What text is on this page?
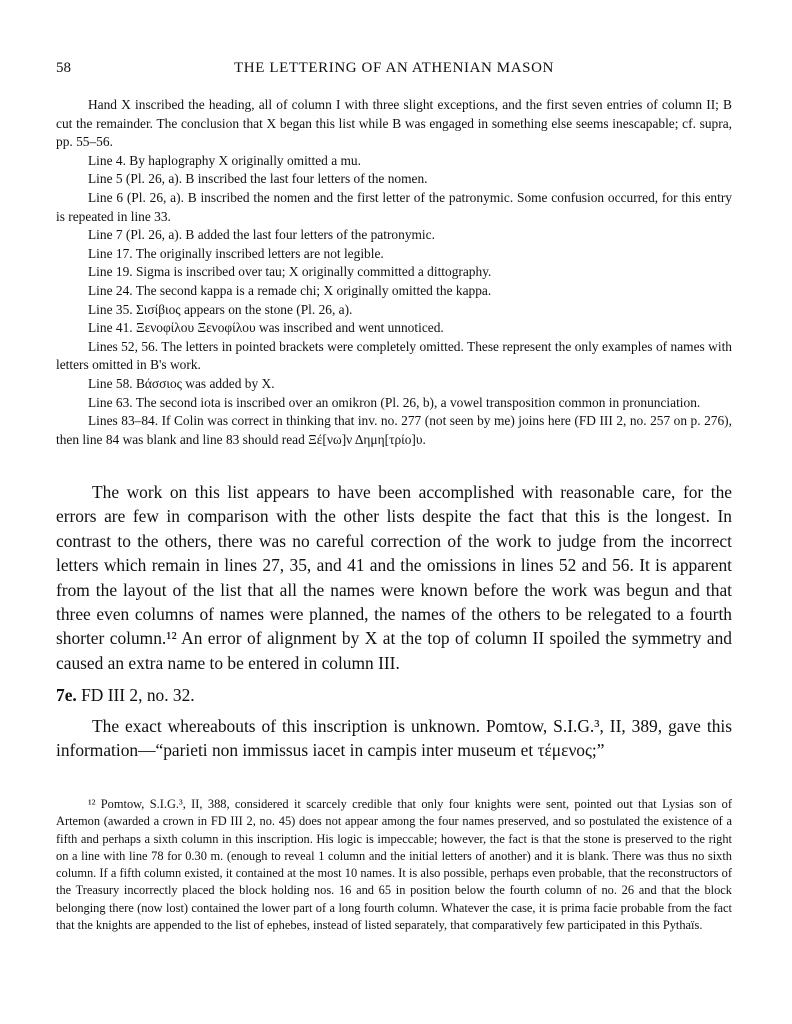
58	THE LETTERING OF AN ATHENIAN MASON

Hand X inscribed the heading, all of column I with three slight exceptions, and the first seven entries of column II; B cut the remainder. The conclusion that X began this list while B was engaged in something else seems inescapable; cf. supra, pp. 55–56.

Line 4. By haplography X originally omitted a mu.

Line 5 (Pl. 26, a). B inscribed the last four letters of the nomen.

Line 6 (Pl. 26, a). B inscribed the nomen and the first letter of the patronymic. Some confusion occurred, for this entry is repeated in line 33.

Line 7 (Pl. 26, a). B added the last four letters of the patronymic.

Line 17. The originally inscribed letters are not legible.

Line 19. Sigma is inscribed over tau; X originally committed a dittography.

Line 24. The second kappa is a remade chi; X originally omitted the kappa.

Line 35. Σισίβιος appears on the stone (Pl. 26, a).

Line 41. Ξενοφίλου Ξενοφίλου was inscribed and went unnoticed.

Lines 52, 56. The letters in pointed brackets were completely omitted. These represent the only examples of names with letters omitted in B's work.

Line 58. Βάσσιος was added by X.

Line 63. The second iota is inscribed over an omikron (Pl. 26, b), a vowel transposition common in pronunciation.

Lines 83–84. If Colin was correct in thinking that inv. no. 277 (not seen by me) joins here (FD III 2, no. 257 on p. 276), then line 84 was blank and line 83 should read Ξέ[νω]ν Δημη[τρίο]υ.

The work on this list appears to have been accomplished with reasonable care, for the errors are few in comparison with the other lists despite the fact that this is the longest. In contrast to the others, there was no careful correction of the work to judge from the incorrect letters which remain in lines 27, 35, and 41 and the omissions in lines 52 and 56. It is apparent from the layout of the list that all the names were known before the work was begun and that three even columns of names were planned, the names of the others to be relegated to a fourth shorter column.¹² An error of alignment by X at the top of column II spoiled the symmetry and caused an extra name to be entered in column III.

7e. FD III 2, no. 32.

The exact whereabouts of this inscription is unknown. Pomtow, S.I.G.³, II, 389, gave this information—“parieti non immissus iacet in campis inter museum et τέμενος;”

¹² Pomtow, S.I.G.³, II, 388, considered it scarcely credible that only four knights were sent, pointed out that Lysias son of Artemon (awarded a crown in FD III 2, no. 45) does not appear among the four names preserved, and so postulated the existence of a fifth and perhaps a sixth column in this inscription. His logic is impeccable; however, the fact is that the stone is preserved to the right on a line with line 78 for 0.30 m. (enough to reveal 1 column and the initial letters of another) and it is blank. There was thus no sixth column. If a fifth column existed, it contained at the most 10 names. It is also possible, perhaps even probable, that the reconstructors of the Treasury incorrectly placed the block holding nos. 16 and 65 in position below the fourth column of no. 26 and that the block belonging there (now lost) contained the lower part of a long fourth column. Whatever the case, it is prima facie probable from the fact that the knights are appended to the list of ephebes, instead of listed separately, that comparatively few participated in this Pythaïs.
